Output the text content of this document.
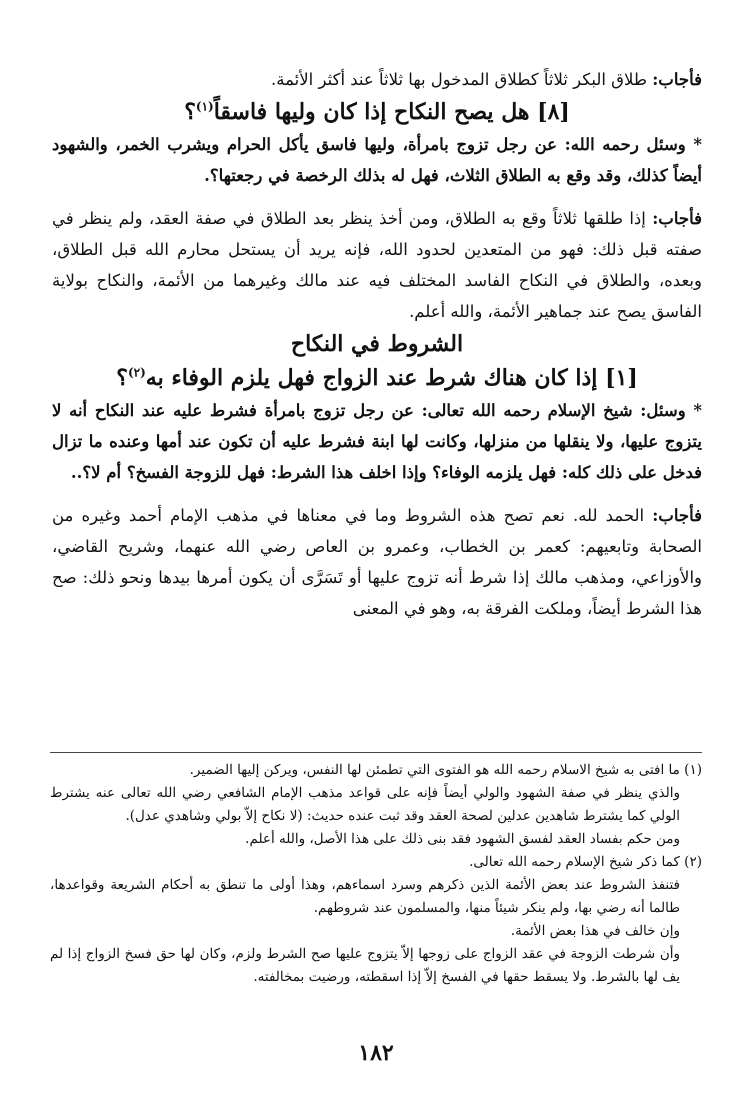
فأجاب: طلاق البكر ثلاثاً كطلاق المدخول بها ثلاثاً عند أكثر الأئمة.

[٨] هل يصح النكاح إذا كان وليها فاسقاً$^{(١)}$؟

* وسئل رحمه الله: عن رجل تزوج بامرأة، وليها فاسق يأكل الحرام ويشرب الخمر، والشهود أيضاً كذلك، وقد وقع به الطلاق الثلاث، فهل له بذلك الرخصة في رجعتها؟.

فأجاب: إذا طلقها ثلاثاً وقع به الطلاق، ومن أخذ ينظر بعد الطلاق في صفة العقد، ولم ينظر في صفته قبل ذلك: فهو من المتعدين لحدود الله، فإنه يريد أن يستحل محارم الله قبل الطلاق، وبعده، والطلاق في النكاح الفاسد المختلف فيه عند مالك وغيرهما من الأئمة، والنكاح بولاية الفاسق يصح عند جماهير الأئمة، والله أعلم.

الشروط في النكاح
[١] إذا كان هناك شرط عند الزواج فهل يلزم الوفاء به$^{(٢)}$؟

* وسئل: شيخ الإسلام رحمه الله تعالى: عن رجل تزوج بامرأة فشرط عليه عند النكاح أنه لا يتزوج عليها، ولا ينقلها من منزلها، وكانت لها ابنة فشرط عليه أن تكون عند أمها وعنده ما تزال فدخل على ذلك كله: فهل يلزمه الوفاء؟ وإذا اخلف هذا الشرط: فهل للزوجة الفسخ؟ أم لا؟..

فأجاب: الحمد لله. نعم تصح هذه الشروط وما في معناها في مذهب الإمام أحمد وغيره من الصحابة وتابعيهم: كعمر بن الخطاب، وعمرو بن العاص رضي الله عنهما، وشريح القاضي، والأوزاعي، ومذهب مالك إذا شرط أنه تزوج عليها أو تَسَرَّى أن يكون أمرها بيدها ونحو ذلك: صح هذا الشرط أيضاً، وملكت الفرقة به، وهو في المعنى

(١) ما افتى به شيخ الاسلام رحمه الله هو الفتوى التي تطمئن لها النفس، ويركن إليها الضمير.

والذي ينظر في صفة الشهود والولي أيضاً فإنه على قواعد مذهب الإمام الشافعي رضي الله تعالى عنه يشترط الولي كما يشترط شاهدين عدلين لصحة العقد وقد ثبت عنده حديث: (لا نكاح إلاّ بولي وشاهدي عدل).

ومن حكم بفساد العقد لفسق الشهود فقد بنى ذلك على هذا الأصل، والله أعلم.

(٢) كما ذكر شيخ الإسلام رحمه الله تعالى.

فتنفذ الشروط عند بعض الأئمة الذين ذكرهم وسرد اسماءهم، وهذا أولى ما تنطق به أحكام الشريعة وقواعدها، طالما أنه رضي بها، ولم ينكر شيئاً منها، والمسلمون عند شروطهم.

وإن خالف في هذا بعض الأئمة.

وأن شرطت الزوجة في عقد الزواج على زوجها إلاّ يتزوج عليها صح الشرط ولزم، وكان لها حق فسخ الزواج إذا لم يف لها بالشرط. ولا يسقط حقها في الفسخ إلاّ إذا اسقطته، ورضيت بمخالفته.

١٨٢
